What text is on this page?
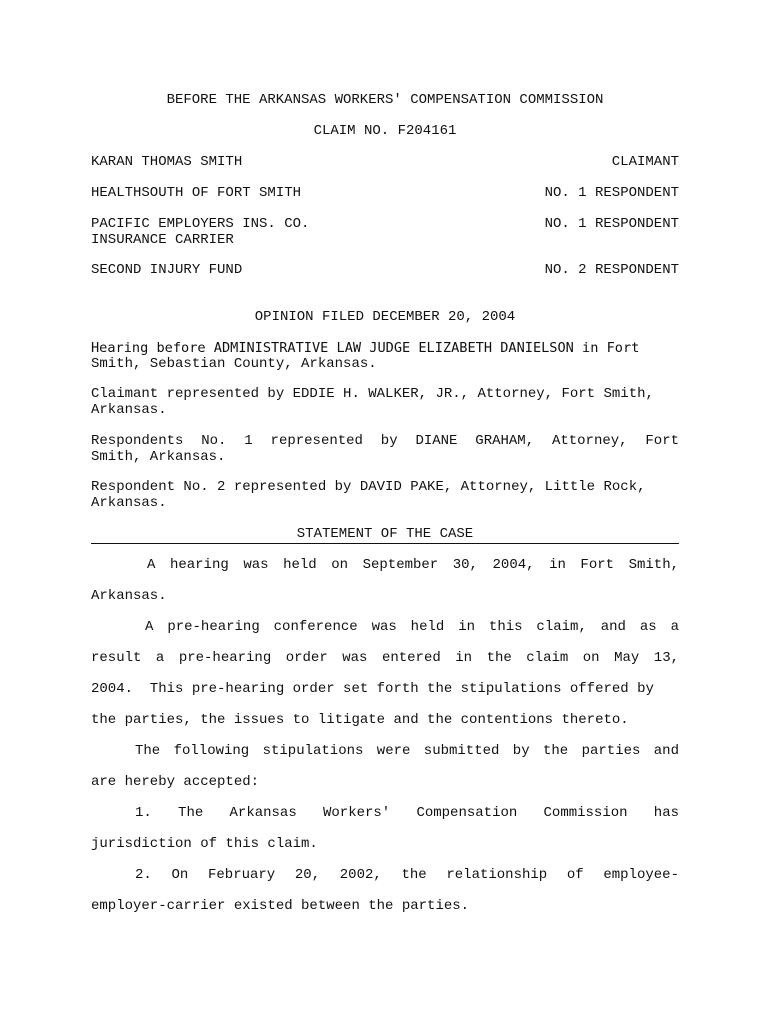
BEFORE THE ARKANSAS WORKERS' COMPENSATION COMMISSION
CLAIM NO. F204161
KARAN THOMAS SMITH	CLAIMANT
HEALTHSOUTH OF FORT SMITH	NO. 1 RESPONDENT
PACIFIC EMPLOYERS INS. CO.	NO. 1 RESPONDENT
INSURANCE CARRIER
SECOND INJURY FUND	NO. 2 RESPONDENT
OPINION FILED DECEMBER 20, 2004
Hearing before ADMINISTRATIVE LAW JUDGE ELIZABETH DANIELSON in Fort
Smith, Sebastian County, Arkansas.
Claimant represented by EDDIE H. WALKER, JR., Attorney, Fort Smith,
Arkansas.
Respondents No. 1 represented by DIANE GRAHAM, Attorney, Fort
Smith, Arkansas.
Respondent No. 2 represented by DAVID PAKE, Attorney, Little Rock,
Arkansas.
STATEMENT OF THE CASE
A hearing was held on September 30, 2004, in Fort Smith,
Arkansas.
A pre-hearing conference was held in this claim, and as a
result a pre-hearing order was entered in the claim on May 13,
2004.  This pre-hearing order set forth the stipulations offered by
the parties, the issues to litigate and the contentions thereto.
The following stipulations were submitted by the parties and
are hereby accepted:
1. The Arkansas Workers' Compensation Commission has
jurisdiction of this claim.
2. On February 20, 2002, the relationship of employee-
employer-carrier existed between the parties.
